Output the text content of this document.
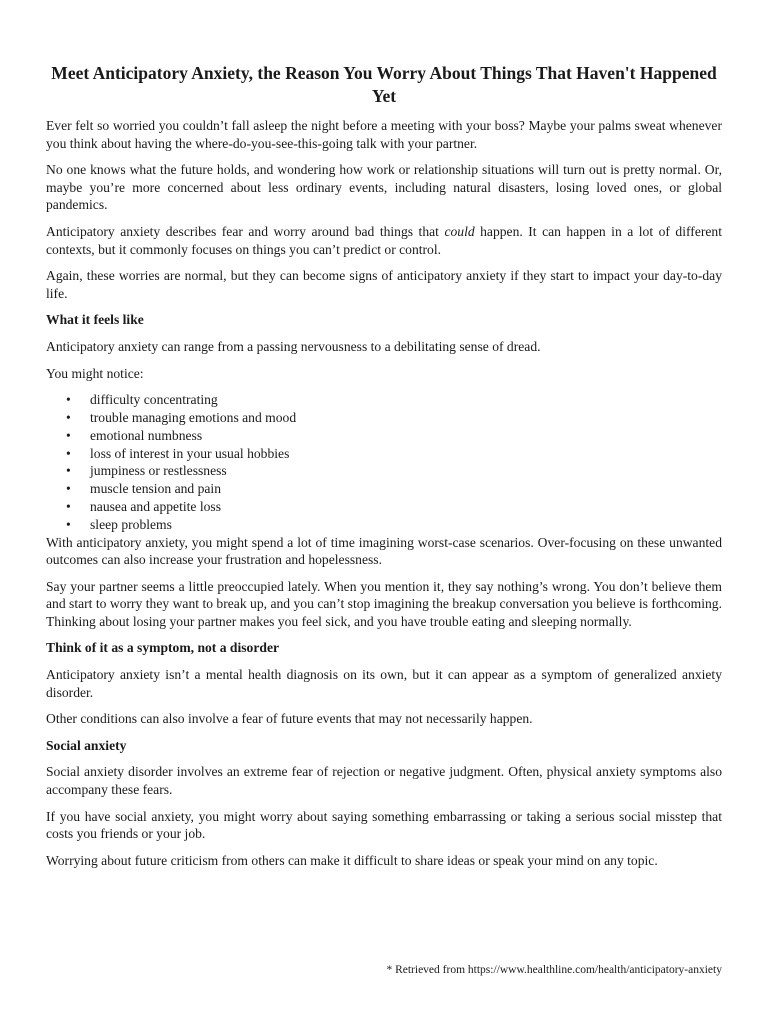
Meet Anticipatory Anxiety, the Reason You Worry About Things That Haven't Happened Yet

Ever felt so worried you couldn’t fall asleep the night before a meeting with your boss? Maybe your palms sweat whenever you think about having the where-do-you-see-this-going talk with your partner.

No one knows what the future holds, and wondering how work or relationship situations will turn out is pretty normal. Or, maybe you’re more concerned about less ordinary events, including natural disasters, losing loved ones, or global pandemics.

Anticipatory anxiety describes fear and worry around bad things that could happen. It can happen in a lot of different contexts, but it commonly focuses on things you can’t predict or control.

Again, these worries are normal, but they can become signs of anticipatory anxiety if they start to impact your day-to-day life.

What it feels like

Anticipatory anxiety can range from a passing nervousness to a debilitating sense of dread.

You might notice:

• difficulty concentrating
• trouble managing emotions and mood
• emotional numbness
• loss of interest in your usual hobbies
• jumpiness or restlessness
• muscle tension and pain
• nausea and appetite loss
• sleep problems

With anticipatory anxiety, you might spend a lot of time imagining worst-case scenarios. Over-focusing on these unwanted outcomes can also increase your frustration and hopelessness.

Say your partner seems a little preoccupied lately. When you mention it, they say nothing’s wrong. You don’t believe them and start to worry they want to break up, and you can’t stop imagining the breakup conversation you believe is forthcoming. Thinking about losing your partner makes you feel sick, and you have trouble eating and sleeping normally.

Think of it as a symptom, not a disorder

Anticipatory anxiety isn’t a mental health diagnosis on its own, but it can appear as a symptom of generalized anxiety disorder.

Other conditions can also involve a fear of future events that may not necessarily happen.

Social anxiety

Social anxiety disorder involves an extreme fear of rejection or negative judgment. Often, physical anxiety symptoms also accompany these fears.

If you have social anxiety, you might worry about saying something embarrassing or taking a serious social misstep that costs you friends or your job.

Worrying about future criticism from others can make it difficult to share ideas or speak your mind on any topic.

* Retrieved from https://www.healthline.com/health/anticipatory-anxiety
